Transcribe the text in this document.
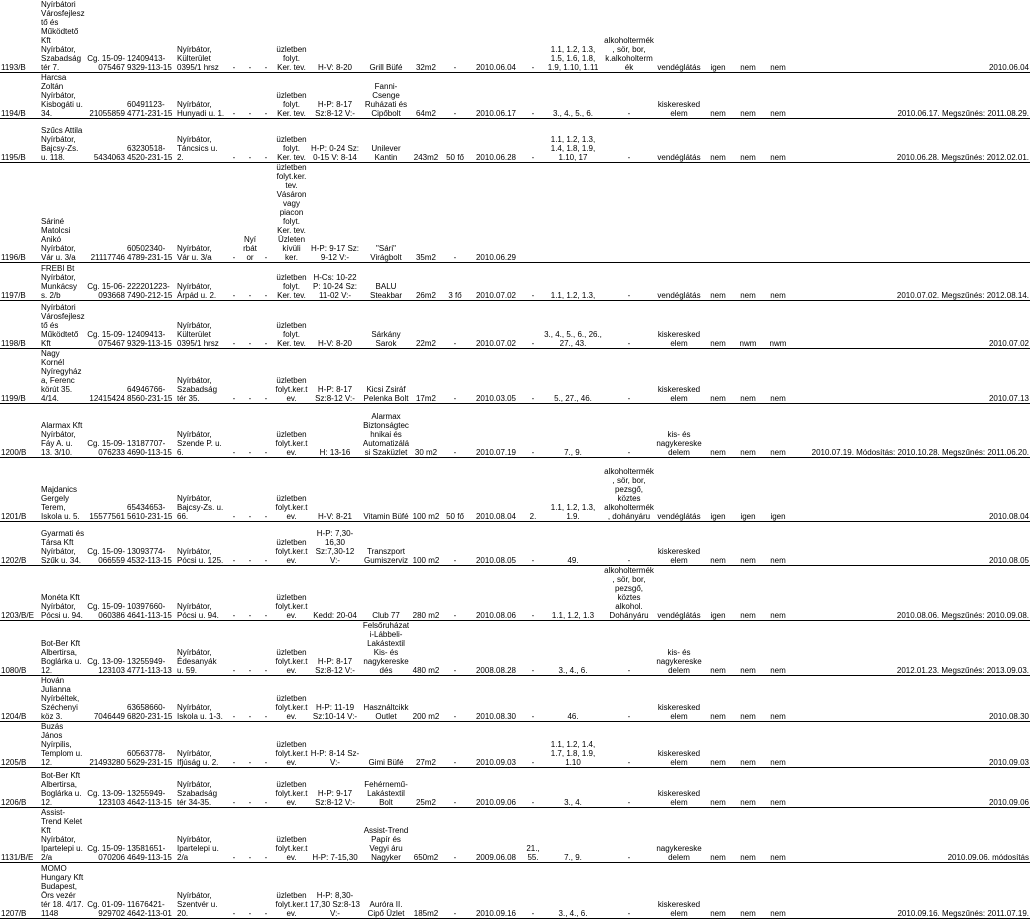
1193/B	Nyírbátori Városfejlesztő és Működtető Kft Nyírbátor, Szabadság tér 7.	Cg. 15-09-075467	12409413-9329-113-15	Nyírbátor, Külterület 0395/1 hrsz	-	-	-	üzletben folyt. Ker. tev.	H-V: 8-20	Grill Büfé	32m2	-	2010.06.04	-	1.1, 1.2, 1.3, 1.5, 1.6, 1.8, 1.9, 1.10, 1.11	alkoholtermék, sör, bor, k.alkoholtermék	vendéglátás	igen	nem	nem	2010.06.04
1194/B	Harcsa Zoltán Nyírbátor, Kisbogáti u. 34.	21055859	60491123-4771-231-15	Nyírbátor, Hunyadi u. 1.	-	-	-	üzletben folyt. Ker. tev.	H-P: 8-17 Sz:8-12 V:-	Fanni-Csenge Ruházati és Cipőbolt	64m2	-	2010.06.17	-	3., 4., 5., 6.	-	kiskereskedelem	nem	nem	nem	2010.06.17. Megszűnés: 2011.08.29.
1195/B	Szűcs Attila Nyírbátor, Bajcsy-Zs. u. 118.	5434063	63230518-4520-231-15	Nyírbátor, Táncsics u. 2.	-	-	-	üzletben folyt. Ker. tev.	H-P: 0-24 Sz: 0-15 V: 8-14	Unilever Kantin	243m2	50 fő	2010.06.28	-	1.1, 1.2, 1.3, 1.4, 1.8, 1.9, 1.10, 17	-	vendéglátás	nem	nem	nem	2010.06.28. Megszűnés: 2012.02.01.
1196/B	Sáriné Matolcsi Anikó Nyírbátor, Vár u. 3/a	21117746	60502340-4789-231-15	Nyírbátor, Vár u. 3/a	-	Nyírbátor	-	üzletben folyt.ker. tev. Vásáron vagy piacon folyt. Ker. tev. Üzleten kívüli ker.	H-P: 9-17 Sz: 9-12 V:-	"Sári" Virágbolt	35m2	-	2010.06.29								
1197/B	FREBI Bt Nyírbátor, Munkácsy s. 2/b	Cg. 15-06-093668	222201223-7490-212-15	Nyírbátor, Árpád u. 2.	-	-	-	üzletben folyt. Ker. tev.	H-Cs: 10-22 P: 10-24 Sz: 11-02 V:-	BALU Steakbar	26m2	3 fő	2010.07.02	-	1.1, 1.2, 1.3,	-	vendéglátás	nem	nem	nem	2010.07.02. Megszűnés: 2012.08.14.
1198/B	Nyírbátori Városfejlesztő és Működtető Kft	Cg. 15-09-075467	12409413-9329-113-15	Nyírbátor, Külterület 0395/1 hrsz	-	-	-	üzletben folyt. Ker. tev.	H-V: 8-20	Sárkány Sarok	22m2	-	2010.07.02	-	3., 4., 5., 6., 26., 27., 43.	-	kiskereskedelem	nem	nwm	nwm	2010.07.02
1199/B	Nagy Kornél Nyíregyháza, Ferenc körút 35. 4/14.	12415424	64946766-8560-231-15	Nyírbátor, Szabadság tér 35.	-	-	-	üzletben folyt.ker.tev.	H-P: 8-17 Sz:8-12 V:-	Kicsi Zsiráf Pelenka Bolt	17m2	-	2010.03.05	-	5., 27., 46.	-	kiskereskedelem	nem	nem	nem	2010.07.13
1200/B	Alarmax Kft Nyírbátor, Fáy A. u. 13. 3/10.	Cg. 15-09-076233	13187707-4690-113-15	Nyírbátor, Szende P. u. 6.	-	-	-	üzletben folyt.ker.tev.	H: 13-16	Alarmax Biztonságtechnikai és Automatizálási Szaküzlet	30 m2	-	2010.07.19	-	7., 9.	-	kis- és nagykereskedelem	nem	nem	nem	2010.07.19. Módosítás: 2010.10.28. Megszűnés: 2011.06.20.
1201/B	Majdanics Gergely Terem, Iskola u. 5.	15577561	65434653-5610-231-15	Nyírbátor, Bajcsy-Zs. u. 66.	-	-	-	üzletben folyt.ker.tev.	H-V: 8-21	Vitamin Büfé	100 m2	50 fő	2010.08.04	2.	1.1, 1.2, 1.3, 1.9.	alkoholtermék, sör, bor, pezsgő, köztes alkoholtermék, dohányáru	vendéglátás	igen	igen	igen	2010.08.04
1202/B	Gyarmati és Társa Kft Nyírbátor, Szűk u. 34.	Cg. 15-09-066559	13093774-4532-113-15	Nyírbátor, Pócsi u. 125.	-	-	-	üzletben folyt.ker.tev.	H-P: 7,30-16,30 Sz:7,30-12 V:-	Transzport Gumiszerviz	100 m2	-	2010.08.05	-	49.	-	kiskereskedelem	nem	nem	nem	2010.08.05
1203/B/E	Monéta Kft Nyírbátor, Pócsi u. 94.	Cg. 15-09-060386	10397660-4641-113-15	Nyírbátor, Pócsi u. 94.	-	-	-	üzletben folyt.ker.tev.	Kedd: 20-04	Club 77	280 m2	-	2010.08.06	-	1.1, 1.2, 1.3	alkoholtermék, sör, bor, pezsgő, köztes alkohol. Dohányáru	vendéglátás	igen	nem	nem	2010.08.06. Megszűnés: 2010.09.08.
1080/B	Bot-Ber Kft Albertirsa, Boglárka u. 12.	Cg. 13-09-123103	13255949-4771-113-13	Nyírbátor, Édesanyák u. 59.	-	-	-	üzletben folyt.ker.tev.	H-P: 8-17 Sz:8-12 V:-	Felsőruházati-Lábbeli-Lakástextil Kis- és nagykereskedés	480 m2	-	2008.08.28	-	3., 4., 6.	-	kis- és nagykereskedelem	nem	nem	nem	2012.01.23. Megszűnés: 2013.09.03.
1204/B	Hován Julianna Nyírbéltek, Széchenyi köz 3.	7046449	63658660-6820-231-15	Nyírbátor, Iskola u. 1-3.	-	-	-	üzletben folyt.ker.tev.	H-P: 11-19 Sz:10-14 V:-	Használtcikk Outlet	200 m2	-	2010.08.30	-	46.	-	kiskereskedelem	nem	nem	nem	2010.08.30
1205/B	Buzás János Nyírpilis, Templom u. 12.	21493280	60563778-5629-231-15	Nyírbátor, Ifjúság u. 2.	-	-	-	üzletben folyt.ker.tev.	H-P: 8-14 Sz-V:-	Gimi Büfé	27m2	-	2010.09.03	-	1.1, 1.2, 1.4, 1.7, 1.8, 1.9, 1.10	-	kiskereskedelem	nem	nem	nem	2010.09.03
1206/B	Bot-Ber Kft Albertirsa, Boglárka u. 12.	Cg. 13-09-123103	13255949-4642-113-15	Nyírbátor, Szabadság tér 34-35.	-	-	-	üzletben folyt.ker.tev.	H-P: 9-17 Sz:8-12 V:-	Fehérnemű-Lakástextil Bolt	25m2	-	2010.09.06	-	3., 4.	-	kiskereskedelem	nem	nem	nem	2010.09.06
1131/B/E	Assist-Trend Kelet Kft Nyírbátor, Ipartelepi u. 2/a	Cg. 15-09-070206	13581651-4649-113-15	Nyírbátor, Ipartelepi u. 2/a	-	-	-	üzletben folyt.ker.tev.	H-P: 7-15,30	Assist-Trend Papír és Vegyi áru Nagyker	650m2	-	2009.06.08	21., 55.	7., 9.	-	nagykereskedelem	nem	nem	nem	2010.09.06. módosítás
1207/B	MOMO Hungary Kft Budapest, Örs vezér tér 18. 4/17. 1148	Cg. 01-09-929702	11676421-4642-113-01	Nyírbátor, Szentvér u. 20.	-	-	-	üzletben folyt.ker.tev.	H-P: 8,30-17,30 Sz:8-13 V:-	Auróra II. Cipő Üzlet	185m2	-	2010.09.16	-	3., 4., 6.	-	kiskereskedelem	nem	nem	nem	2010.09.16. Megszűnés: 2011.07.19.
